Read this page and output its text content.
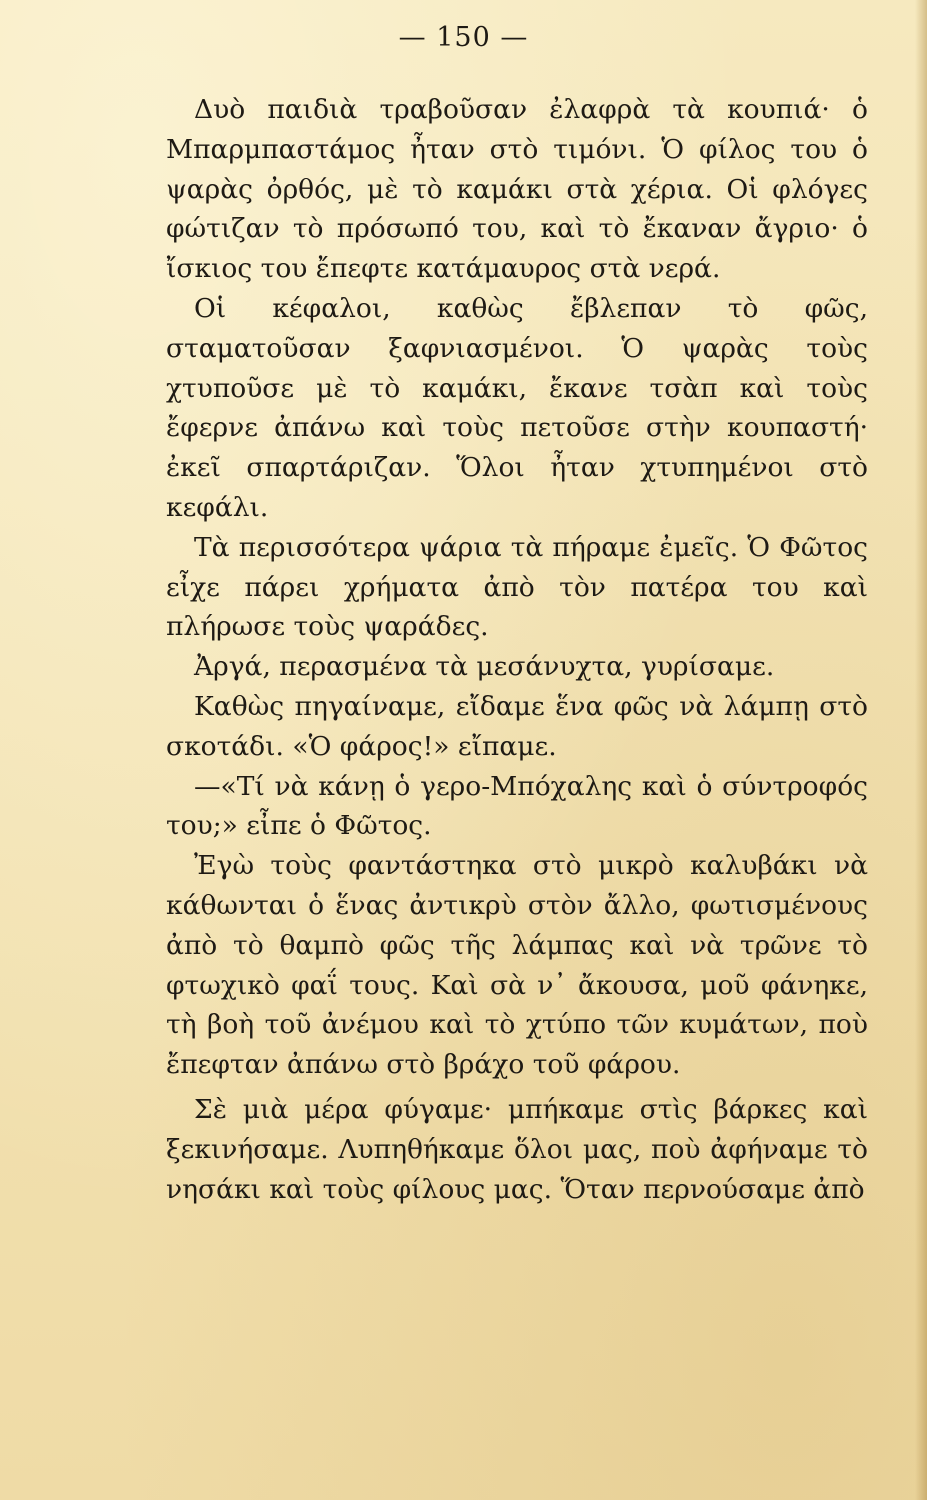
— 150 —

Δυὸ παιδιὰ τραβοῦσαν ἐλαφρὰ τὰ κουπιά· ὁ Μπαρμπαστάμος ἦταν στὸ τιμόνι. Ὁ φίλος του ὁ ψαρὰς ὀρθός, μὲ τὸ καμάκι στὰ χέρια. Οἱ φλόγες φώτιζαν τὸ πρόσωπό του, καὶ τὸ ἔκαναν ἄγριο· ὁ ἴσκιος του ἔπεφτε κατάμαυρος στὰ νερά.

Οἱ κέφαλοι, καθὼς ἔβλεπαν τὸ φῶς, σταματοῦσαν ξαφνιασμένοι. Ὁ ψαρὰς τοὺς χτυποῦσε μὲ τὸ καμάκι, ἔκανε τσὰπ καὶ τοὺς ἔφερνε ἀπάνω καὶ τοὺς πετοῦσε στὴν κουπαστή· ἐκεῖ σπαρτάριζαν. Ὅλοι ἦταν χτυπημένοι στὸ κεφάλι.

Τὰ περισσότερα ψάρια τὰ πήραμε ἐμεῖς. Ὁ Φῶτος εἶχε πάρει χρήματα ἀπὸ τὸν πατέρα του καὶ πλήρωσε τοὺς ψαράδες.

Ἀργά, περασμένα τὰ μεσάνυχτα, γυρίσαμε.

Καθὼς πηγαίναμε, εἴδαμε ἕνα φῶς νὰ λάμπῃ στὸ σκοτάδι. «Ὁ φάρος!» εἴπαμε.

—«Τί νὰ κάνῃ ὁ γερο-Μπόχαλης καὶ ὁ σύντροφός του;» εἶπε ὁ Φῶτος.

Ἐγὼ τοὺς φαντάστηκα στὸ μικρὸ καλυβάκι νὰ κάθωνται ὁ ἕνας ἀντικρὺ στὸν ἄλλο, φωτισμένους ἀπὸ τὸ θαμπὸ φῶς τῆς λάμπας καὶ νὰ τρῶνε τὸ φτωχικὸ φαΐ τους. Καὶ σὰ ν᾿ ἄκουσα, μοῦ φάνηκε, τὴ βοὴ τοῦ ἀνέμου καὶ τὸ χτύπο τῶν κυμάτων, ποὺ ἔπεφταν ἀπάνω στὸ βράχο τοῦ φάρου.

Σὲ μιὰ μέρα φύγαμε· μπήκαμε στὶς βάρκες καὶ ξεκινήσαμε. Λυπηθήκαμε ὅλοι μας, ποὺ ἀφήναμε τὸ νησάκι καὶ τοὺς φίλους μας. Ὅταν περνούσαμε ἀπὸ
